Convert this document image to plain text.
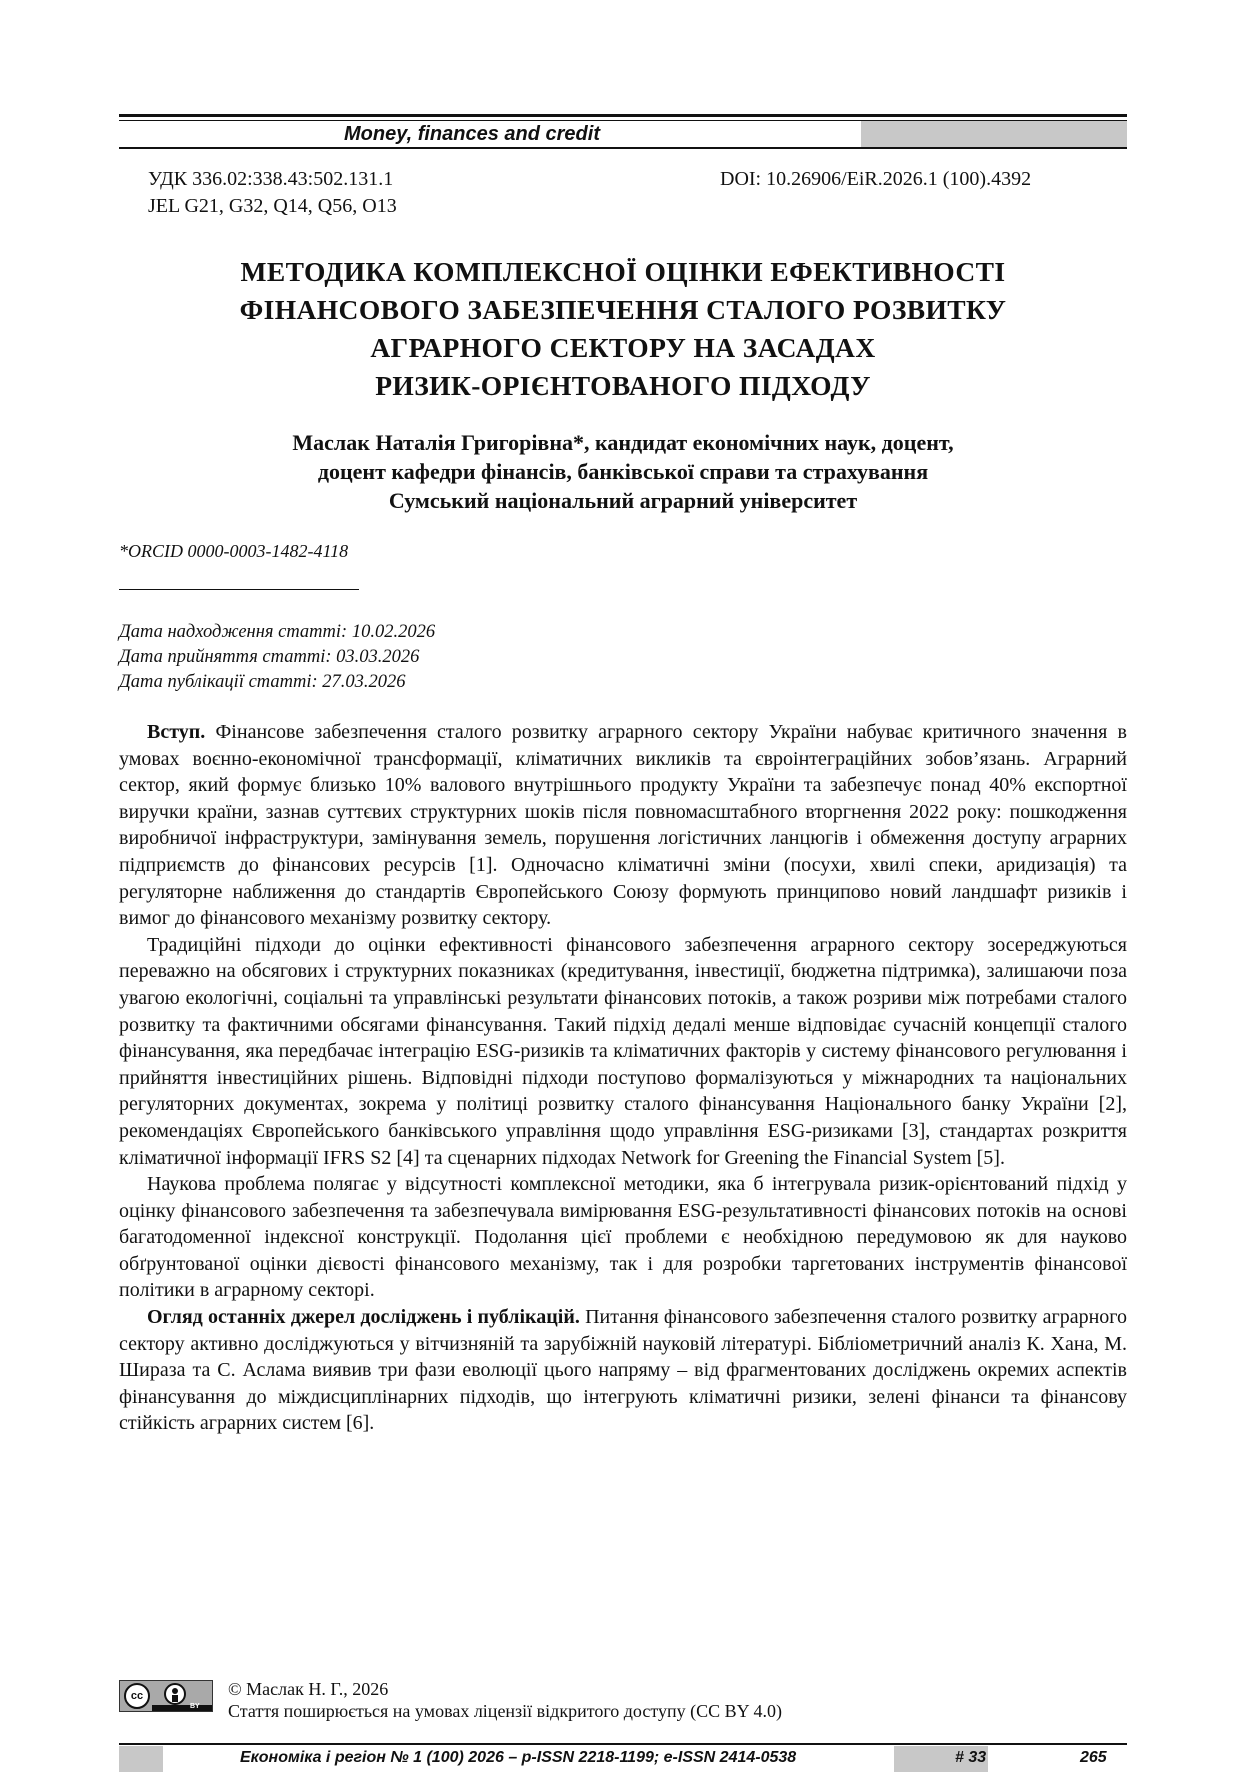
Money, finances and credit
УДК 336.02:338.43:502.131.1
JEL G21, G32, Q14, Q56, O13
DOI: 10.26906/EiR.2026.1 (100).4392
МЕТОДИКА КОМПЛЕКСНОЇ ОЦІНКИ ЕФЕКТИВНОСТІ
ФІНАНСОВОГО ЗАБЕЗПЕЧЕННЯ СТАЛОГО РОЗВИТКУ
АГРАРНОГО СЕКТОРУ НА ЗАСАДАХ
РИЗИК-ОРІЄНТОВАНОГО ПІДХОДУ
Маслак Наталія Григорівна*, кандидат економічних наук, доцент,
доцент кафедри фінансів, банківської справи та страхування
Сумський національний аграрний університет
*ORCID 0000-0003-1482-4118
Дата надходження статті: 10.02.2026
Дата прийняття статті: 03.03.2026
Дата публікації статті: 27.03.2026

Вступ. Фінансове забезпечення сталого розвитку аграрного сектору України набуває критичного значення в умовах воєнно-економічної трансформації, кліматичних викликів та євроінтеграційних зобов’язань. Аграрний сектор, який формує близько 10% валового внутрішнього продукту України та забезпечує понад 40% експортної виручки країни, зазнав суттєвих структурних шоків після повномасштабного вторгнення 2022 року: пошкодження виробничої інфраструктури, замінування земель, порушення логістичних ланцюгів і обмеження доступу аграрних підприємств до фінансових ресурсів [1]. Одночасно кліматичні зміни (посухи, хвилі спеки, аридизація) та регуляторне наближення до стандартів Європейського Союзу формують принципово новий ландшафт ризиків і вимог до фінансового механізму розвитку сектору.

Традиційні підходи до оцінки ефективності фінансового забезпечення аграрного сектору зосереджуються переважно на обсягових і структурних показниках (кредитування, інвестиції, бюджетна підтримка), залишаючи поза увагою екологічні, соціальні та управлінські результати фінансових потоків, а також розриви між потребами сталого розвитку та фактичними обсягами фінансування. Такий підхід дедалі менше відповідає сучасній концепції сталого фінансування, яка передбачає інтеграцію ESG-ризиків та кліматичних факторів у систему фінансового регулювання і прийняття інвестиційних рішень. Відповідні підходи поступово формалізуються у міжнародних та національних регуляторних документах, зокрема у політиці розвитку сталого фінансування Національного банку України [2], рекомендаціях Європейського банківського управління щодо управління ESG-ризиками [3], стандартах розкриття кліматичної інформації IFRS S2 [4] та сценарних підходах Network for Greening the Financial System [5].

Наукова проблема полягає у відсутності комплексної методики, яка б інтегрувала ризик-орієнтований підхід у оцінку фінансового забезпечення та забезпечувала вимірювання ESG-результативності фінансових потоків на основі багатодоменної індексної конструкції. Подолання цієї проблеми є необхідною передумовою як для науково обґрунтованої оцінки дієвості фінансового механізму, так і для розробки таргетованих інструментів фінансової політики в аграрному секторі.

Огляд останніх джерел досліджень і публікацій. Питання фінансового забезпечення сталого розвитку аграрного сектору активно досліджуються у вітчизняній та зарубіжній науковій літературі. Бібліометричний аналіз К. Хана, М. Шираза та С. Аслама виявив три фази еволюції цього напряму – від фрагментованих досліджень окремих аспектів фінансування до міждисциплінарних підходів, що інтегрують кліматичні ризики, зелені фінанси та фінансову стійкість аграрних систем [6].

cc
BY
© Маслак Н. Г., 2026
Стаття поширюється на умовах ліцензії відкритого доступу (CC BY 4.0)
Економіка і регіон № 1 (100) 2026 – p-ISSN 2218-1199; e-ISSN 2414-0538	# 33	265
